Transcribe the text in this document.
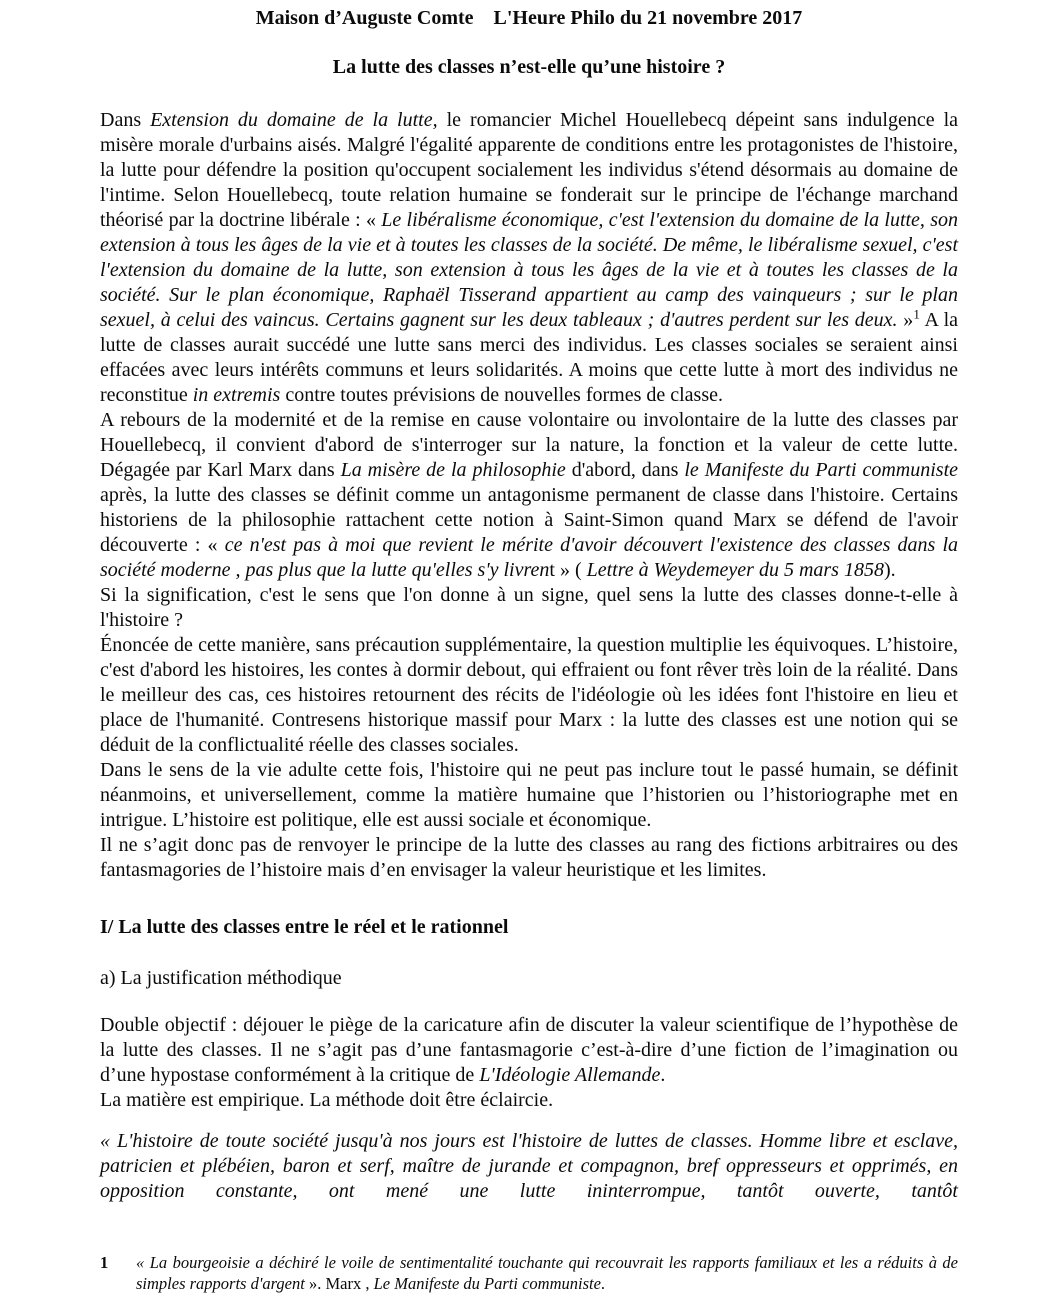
Maison d’Auguste Comte    L'Heure Philo du 21 novembre 2017
La lutte des classes n’est-elle qu’une histoire ?

Dans Extension du domaine de la lutte, le romancier Michel Houellebecq dépeint sans indulgence la misère morale d'urbains aisés. Malgré l'égalité apparente de conditions entre les protagonistes de l'histoire, la lutte pour défendre la position qu'occupent socialement les individus s'étend désormais au domaine de l'intime. Selon Houellebecq, toute relation humaine se fonderait sur le principe de l'échange marchand théorisé par la doctrine libérale : « Le libéralisme économique, c'est l'extension du domaine de la lutte, son extension à tous les âges de la vie et à toutes les classes de la société. De même, le libéralisme sexuel, c'est l'extension du domaine de la lutte, son extension à tous les âges de la vie et à toutes les classes de la société. Sur le plan économique, Raphaël Tisserand appartient au camp des vainqueurs ; sur le plan sexuel, à celui des vaincus. Certains gagnent sur les deux tableaux ; d'autres perdent sur les deux. »$^1$ A la lutte de classes aurait succédé une lutte sans merci des individus. Les classes sociales se seraient ainsi effacées avec leurs intérêts communs et leurs solidarités. A moins que cette lutte à mort des individus ne reconstitue in extremis contre toutes prévisions de nouvelles formes de classe.

A rebours de la modernité et de la remise en cause volontaire ou involontaire de la lutte des classes par Houellebecq, il convient d'abord de s'interroger sur la nature, la fonction et la valeur de cette lutte. Dégagée par Karl Marx dans La misère de la philosophie d'abord, dans le Manifeste du Parti communiste après, la lutte des classes se définit comme un antagonisme permanent de classe dans l'histoire. Certains historiens de la philosophie rattachent cette notion à Saint-Simon quand Marx se défend de l'avoir découverte : « ce n'est pas à moi que revient le mérite d'avoir découvert l'existence des classes dans la société moderne , pas plus que la lutte qu'elles s'y livrent » ( Lettre à Weydemeyer du 5 mars 1858).

Si la signification, c'est le sens que l'on donne à un signe, quel sens la lutte des classes donne-t-elle à l'histoire ?

Énoncée de cette manière, sans précaution supplémentaire, la question multiplie les équivoques. L’histoire, c'est d'abord les histoires, les contes à dormir debout, qui effraient ou font rêver très loin de la réalité. Dans le meilleur des cas, ces histoires retournent des récits de l'idéologie où les idées font l'histoire en lieu et place de l'humanité. Contresens historique massif pour Marx : la lutte des classes est une notion qui se déduit de la conflictualité réelle des classes sociales.

Dans le sens de la vie adulte cette fois, l'histoire qui ne peut pas inclure tout le passé humain, se définit néanmoins, et universellement, comme la matière humaine que l’historien ou l’historiographe met en intrigue. L’histoire est politique, elle est aussi sociale et économique.

Il ne s’agit donc pas de renvoyer le principe de la lutte des classes au rang des fictions arbitraires ou des fantasmagories de l’histoire mais d’en envisager la valeur heuristique et les limites.

I/ La lutte des classes entre le réel et le rationnel

a) La justification méthodique

Double objectif : déjouer le piège de la caricature afin de discuter la valeur scientifique de l’hypothèse de la lutte des classes. Il ne s’agit pas d’une fantasmagorie c’est-à-dire d’une fiction de l’imagination ou d’une hypostase conformément à la critique de L'Idéologie Allemande.

La matière est empirique. La méthode doit être éclaircie.

« L'histoire de toute société jusqu'à nos jours est l'histoire de luttes de classes. Homme libre et esclave, patricien et plébéien, baron et serf, maître de jurande et compagnon, bref oppresseurs et opprimés, en opposition constante, ont mené une lutte ininterrompue, tantôt ouverte, tantôt

1	« La bourgeoisie a déchiré le voile de sentimentalité touchante qui recouvrait les rapports familiaux et les a réduits à de simples rapports d'argent ». Marx , Le Manifeste du Parti communiste.
